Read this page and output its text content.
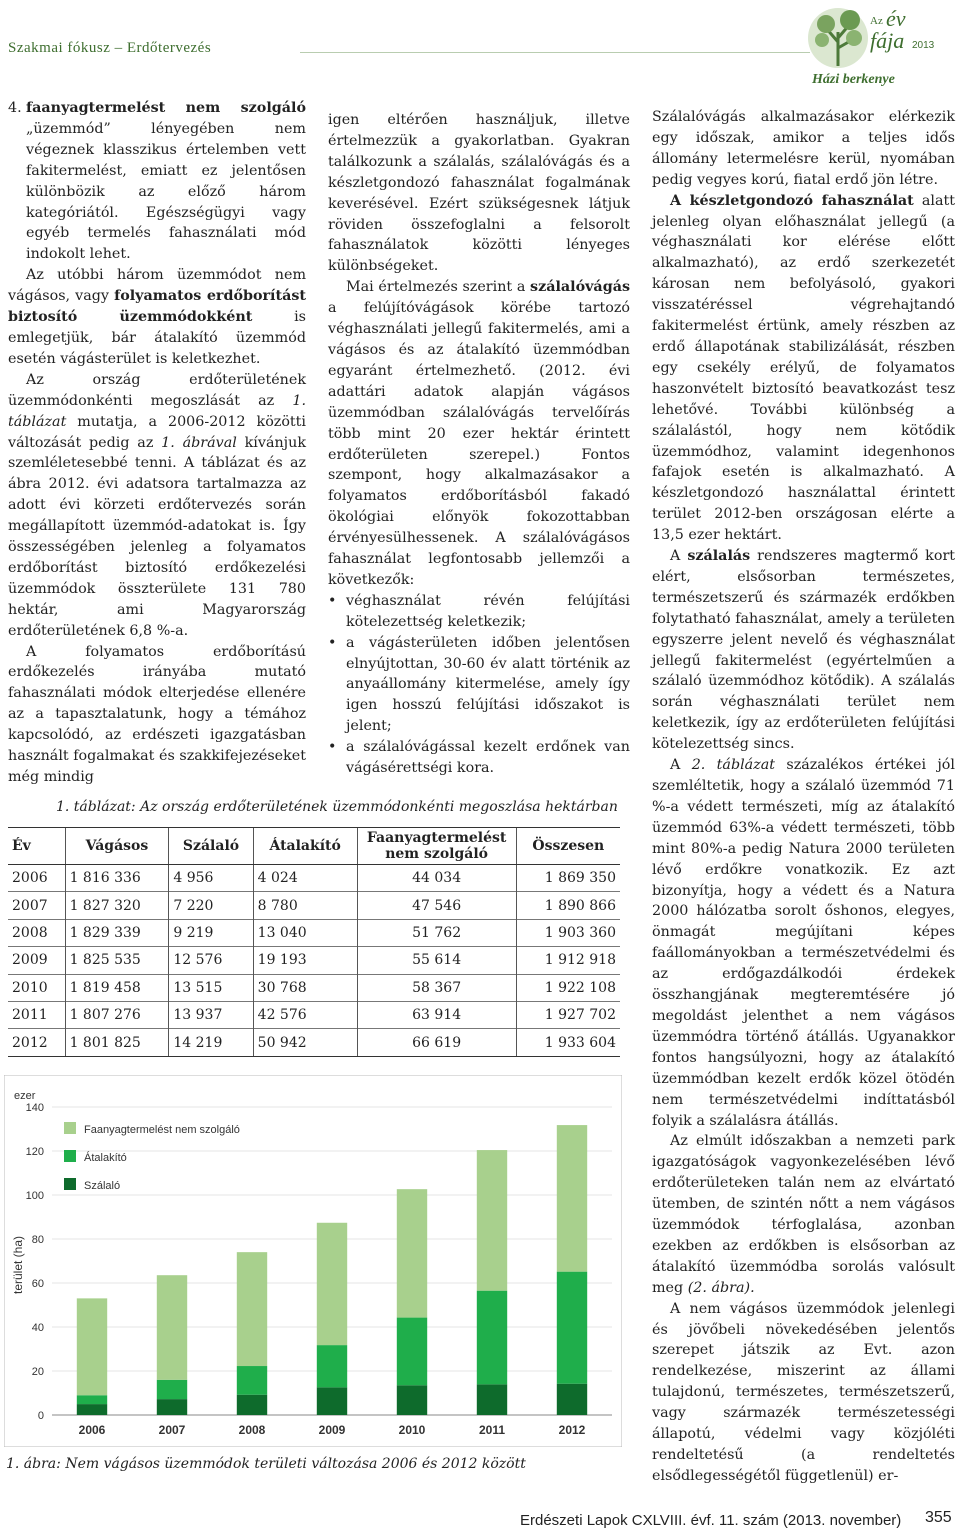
Szakmai fókusz – Erdőtervezés
Az év
fája 2013
Házi berkenye

4. faanyagtermelést nem szolgáló „üzemmód” lényegében nem végeznek klasszikus értelemben vett fakitermelést, emiatt ez jelentősen különbözik az előző három kategóriától. Egészségügyi vagy egyéb termelés fahasználati mód indokolt lehet.

Az utóbbi három üzemmódot nem vágásos, vagy folyamatos erdőborítást biztosító üzemmódokként	is emlegetjük, bár átalakító üzemmód esetén vágásterület is keletkezhet.

Az ország erdőterületének üzemmódonkénti megoszlását az 1. táblázat mutatja, a 2006-2012 közötti változását pedig az 1. ábrával kívánjuk szemléletesebbé tenni. A táblázat és az ábra 2012. évi adatsora tartalmazza az adott évi körzeti erdőtervezés során megállapított üzemmód-adatokat is. Így összességében jelenleg a folyamatos erdőborítást biztosító erdőkezelési üzemmódok összterülete 131 780 hektár, ami Magyarország erdőterületének 6,8 %-a.

A folyamatos erdőborítású erdőkezelés irányába mutató fahasználati módok elterjedése ellenére az a tapasztalatunk, hogy a témához kapcsolódó, az erdészeti igazgatásban használt fogalmakat és szakkifejezéseket még mindig

igen eltérően használjuk, illetve értelmezzük a gyakorlatban. Gyakran találkozunk a szálalás, szálalóvágás és a készletgondozó fahasználat fogalmának keverésével. Ezért szükségesnek látjuk röviden összefoglalni a felsorolt fahasználatok közötti lényeges különbségeket.

Mai értelmezés szerint a szálalóvágás a felújítóvágások körébe tartozó véghasználati jellegű fakitermelés, ami a vágásos és az átalakító üzemmódban egyaránt értelmezhető. (2012. évi adattári adatok alapján vágásos üzemmódban szálalóvágás tervelőírás több mint 20 ezer hektár érintett erdőterületen szerepel.) Fontos szempont, hogy alkalmazásakor a folyamatos erdőborításból fakadó ökológiai előnyök fokozottabban érvényesülhessenek. A szálalóvágásos fahasználat legfontosabb jellemzői a következők:

• véghasználat révén felújítási kötelezettség keletkezik;
• a vágásterületen időben jelentősen elnyújtottan, 30-60 év alatt történik az anyaállomány kitermelése, amely így igen hosszú felújítási időszakot is jelent;
• a szálalóvágással kezelt erdőnek van vágásérettségi kora.

Szálalóvágás alkalmazásakor elérkezik egy időszak, amikor a teljes idős állomány letermelésre kerül, nyomában pedig vegyes korú, fiatal erdő jön létre.

A készletgondozó fahasználat alatt jelenleg olyan előhasználat jellegű (a véghasználati kor elérése előtt alkalmazható), az erdő szerkezetét károsan nem befolyásoló, gyakori visszatéréssel végrehajtandó fakitermelést értünk, amely részben az erdő állapotának stabilizálását, részben egy csekély erélyű, de folyamatos haszonvételt biztosító beavatkozást tesz lehetővé. További különbség a szálalástól, hogy nem kötődik üzemmódhoz, valamint idegenhonos fafajok esetén is alkalmazható. A készletgondozó használattal érintett terület 2012-ben országosan elérte a 13,5 ezer hektárt.

A szálalás rendszeres magtermő kort elért, elsősorban természetes, természetszerű és származék erdőkben folytatható fahasználat, amely a területen egyszerre jelent nevelő és véghasználat jellegű fakitermelést (egyértelműen a szálaló üzemmódhoz kötődik). A szálalás során véghasználati terület nem keletkezik, így az erdőterületen felújítási kötelezettség sincs.

A 2. táblázat százalékos értékei jól szemléltetik, hogy a szálaló üzemmód 71 %-a védett természeti, míg az átalakító üzemmód 63%-a védett természeti, több mint 80%-a pedig Natura 2000 területen lévő erdőkre vonatkozik. Ez azt bizonyítja, hogy a védett és a Natura 2000 hálózatba sorolt őshonos, elegyes, önmagát megújítani képes faállományokban a természetvédelmi és az erdőgazdálkodói érdekek összhangjának megteremtésére jó megoldást jelenthet a nem vágásos üzemmódra történő átállás. Ugyanakkor fontos hangsúlyozni, hogy az átalakító üzemmódban kezelt erdők közel ötödén nem természetvédelmi indíttatásból folyik a szálalásra átállás.

Az elmúlt időszakban a nemzeti park igazgatóságok vagyonkezelésében lévő erdőterületeken talán nem az elvártató ütemben, de szintén nőtt a nem vágásos üzemmódok térfoglalása, azonban ezekben az erdőkben is elsősorban az átalakító üzemmódba sorolás valósult meg (2. ábra).

A nem vágásos üzemmódok jelenlegi és jövőbeli növekedésében jelentős szerepet játszik az Evt. azon rendelkezése, miszerint az állami tulajdonú, természetes, természetszerű, vagy származék természetességi állapotú, védelmi vagy közjóléti rendeltetésű (a rendeltetés elsődlegességétől függetlenül) er-

1. táblázat: Az ország erdőterületének üzemmódonkénti megoszlása hektárban
Év	Vágásos	Szálaló	Átalakító	Faanyagtermelést nem szolgáló	Összesen
2006	1 816 336	4 956	4 024	44 034	1 869 350
2007	1 827 320	7 220	8 780	47 546	1 890 866
2008	1 829 339	9 219	13 040	51 762	1 903 360
2009	1 825 535	12 576	19 193	55 614	1 912 918
2010	1 819 458	13 515	30 768	58 367	1 922 108
2011	1 807 276	13 937	42 576	63 914	1 927 702
2012	1 801 825	14 219	50 942	66 619	1 933 604
0
20
40
60
80
100
120
140
ezer
terület (ha)
2006	2007	2008	2009	2010	2011	2012
Faanyagtermelést nem szolgáló
Átalakító
Szálaló
1. ábra: Nem vágásos üzemmódok területi változása 2006 és 2012 között
Erdészeti Lapok CXLVIII. évf. 11. szám (2013. november) 355
